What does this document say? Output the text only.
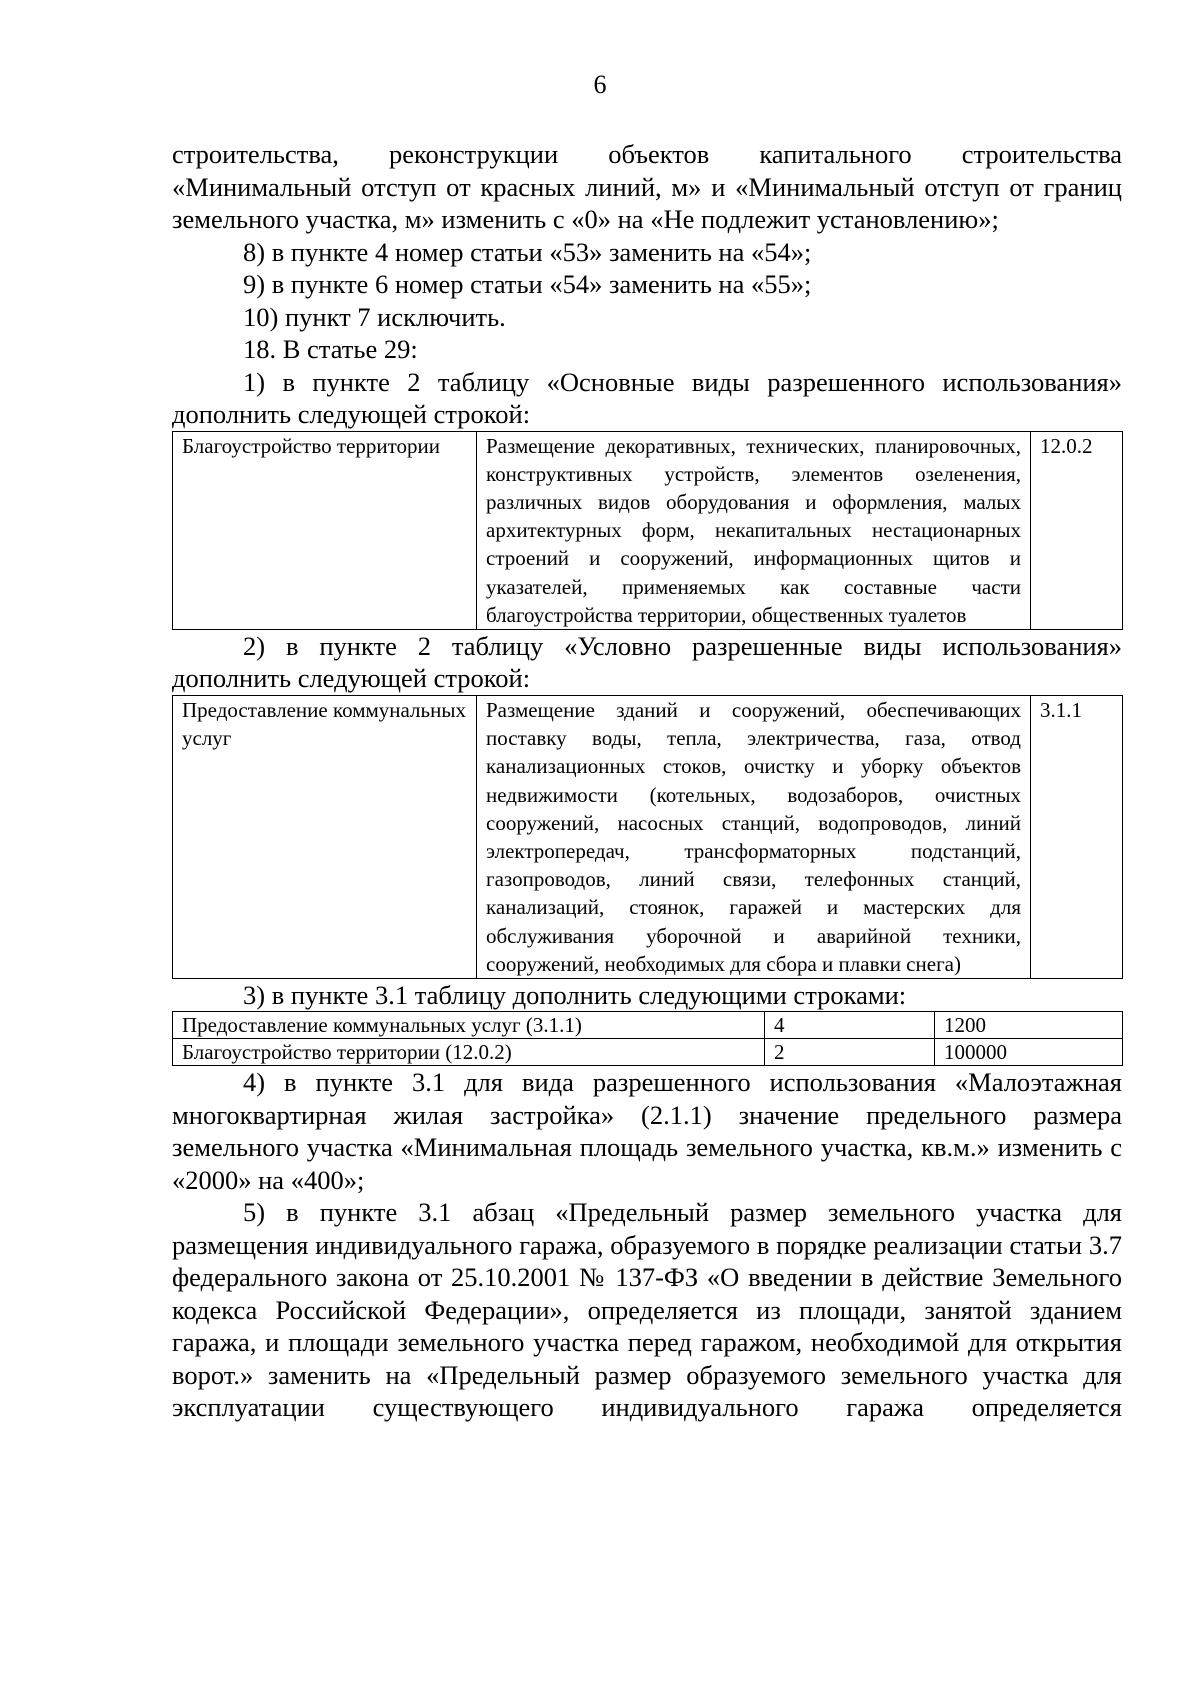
6

строительства, реконструкции объектов капитального строительства «Минимальный отступ от красных линий, м» и «Минимальный отступ от границ земельного участка, м» изменить с «0» на «Не подлежит установлению»;

8) в пункте 4 номер статьи «53» заменить на «54»;

9) в пункте 6 номер статьи «54» заменить на «55»;

10) пункт 7 исключить.

18. В статье 29:

1) в пункте 2 таблицу «Основные виды разрешенного использования» дополнить следующей строкой:

Благоустройство территории	Размещение декоративных, технических, планировочных, конструктивных устройств, элементов озеленения, различных видов оборудования и оформления, малых архитектурных форм, некапитальных нестационарных строений и сооружений, информационных щитов и указателей, применяемых как составные части благоустройства территории, общественных туалетов	12.0.2

2) в пункте 2 таблицу «Условно разрешенные виды использования» дополнить следующей строкой:

Предоставление коммунальных услуг	Размещение зданий и сооружений, обеспечивающих поставку воды, тепла, электричества, газа, отвод канализационных стоков, очистку и уборку объектов недвижимости (котельных, водозаборов, очистных сооружений, насосных станций, водопроводов, линий электропередач, трансформаторных подстанций, газопроводов, линий связи, телефонных станций, канализаций, стоянок, гаражей и мастерских для обслуживания уборочной и аварийной техники, сооружений, необходимых для сбора и плавки снега)	3.1.1

3) в пункте 3.1 таблицу дополнить следующими строками:

Предоставление коммунальных услуг (3.1.1)	4	1200
Благоустройство территории (12.0.2)	2	100000

4) в пункте 3.1 для вида разрешенного использования «Малоэтажная многоквартирная жилая застройка» (2.1.1) значение предельного размера земельного участка «Минимальная площадь земельного участка, кв.м.» изменить с «2000» на «400»;

5) в пункте 3.1 абзац «Предельный размер земельного участка для размещения индивидуального гаража, образуемого в порядке реализации статьи 3.7 федерального закона от 25.10.2001 № 137-ФЗ «О введении в действие Земельного кодекса Российской Федерации», определяется из площади, занятой зданием гаража, и площади земельного участка перед гаражом, необходимой для открытия ворот.» заменить на «Предельный размер образуемого земельного участка для эксплуатации существующего индивидуального гаража определяется
